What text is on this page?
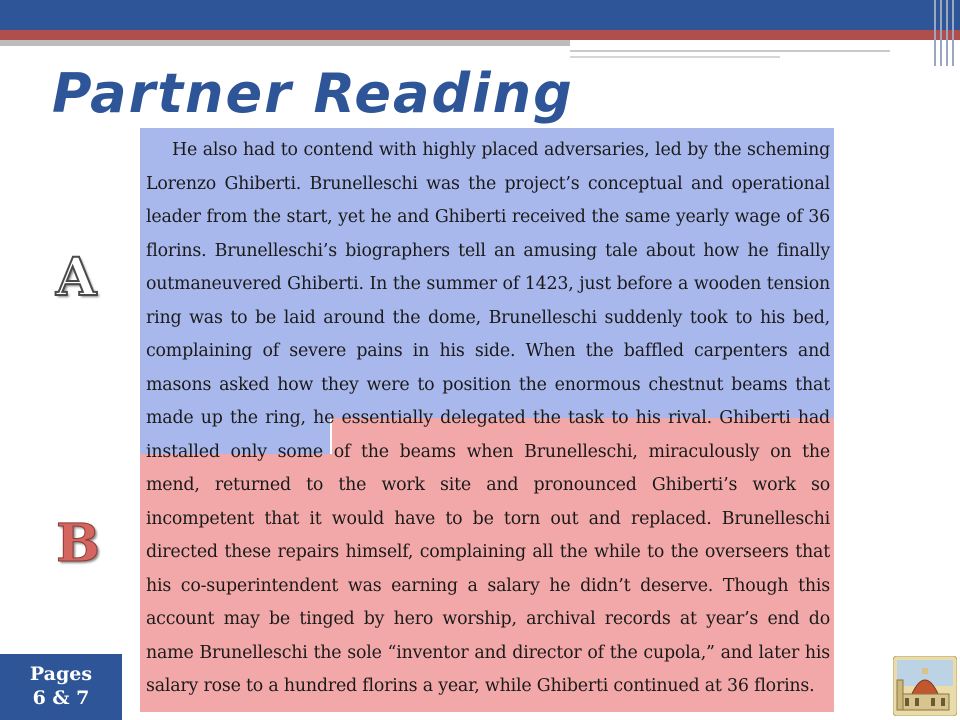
Partner Reading
A
B

He also had to contend with highly placed adversaries, led by the scheming Lorenzo Ghiberti. Brunelleschi was the project’s conceptual and operational leader from the start, yet he and Ghiberti received the same yearly wage of 36 florins. Brunelleschi’s biographers tell an amusing tale about how he finally outmaneuvered Ghiberti. In the summer of 1423, just before a wooden tension ring was to be laid around the dome, Brunelleschi suddenly took to his bed, complaining of severe pains in his side. When the baffled carpenters and masons asked how they were to position the enormous chestnut beams that made up the ring, he essentially delegated the task to his rival. Ghiberti had installed only some of the beams when Brunelleschi, miraculously on the mend, returned to the work site and pronounced Ghiberti’s work so incompetent that it would have to be torn out and replaced. Brunelleschi directed these repairs himself, complaining all the while to the overseers that his co-superintendent was earning a salary he didn’t deserve. Though this account may be tinged by hero worship, archival records at year’s end do name Brunelleschi the sole “inventor and director of the cupola,” and later his salary rose to a hundred florins a year, while Ghiberti continued at 36 florins.

Pages
6 & 7
